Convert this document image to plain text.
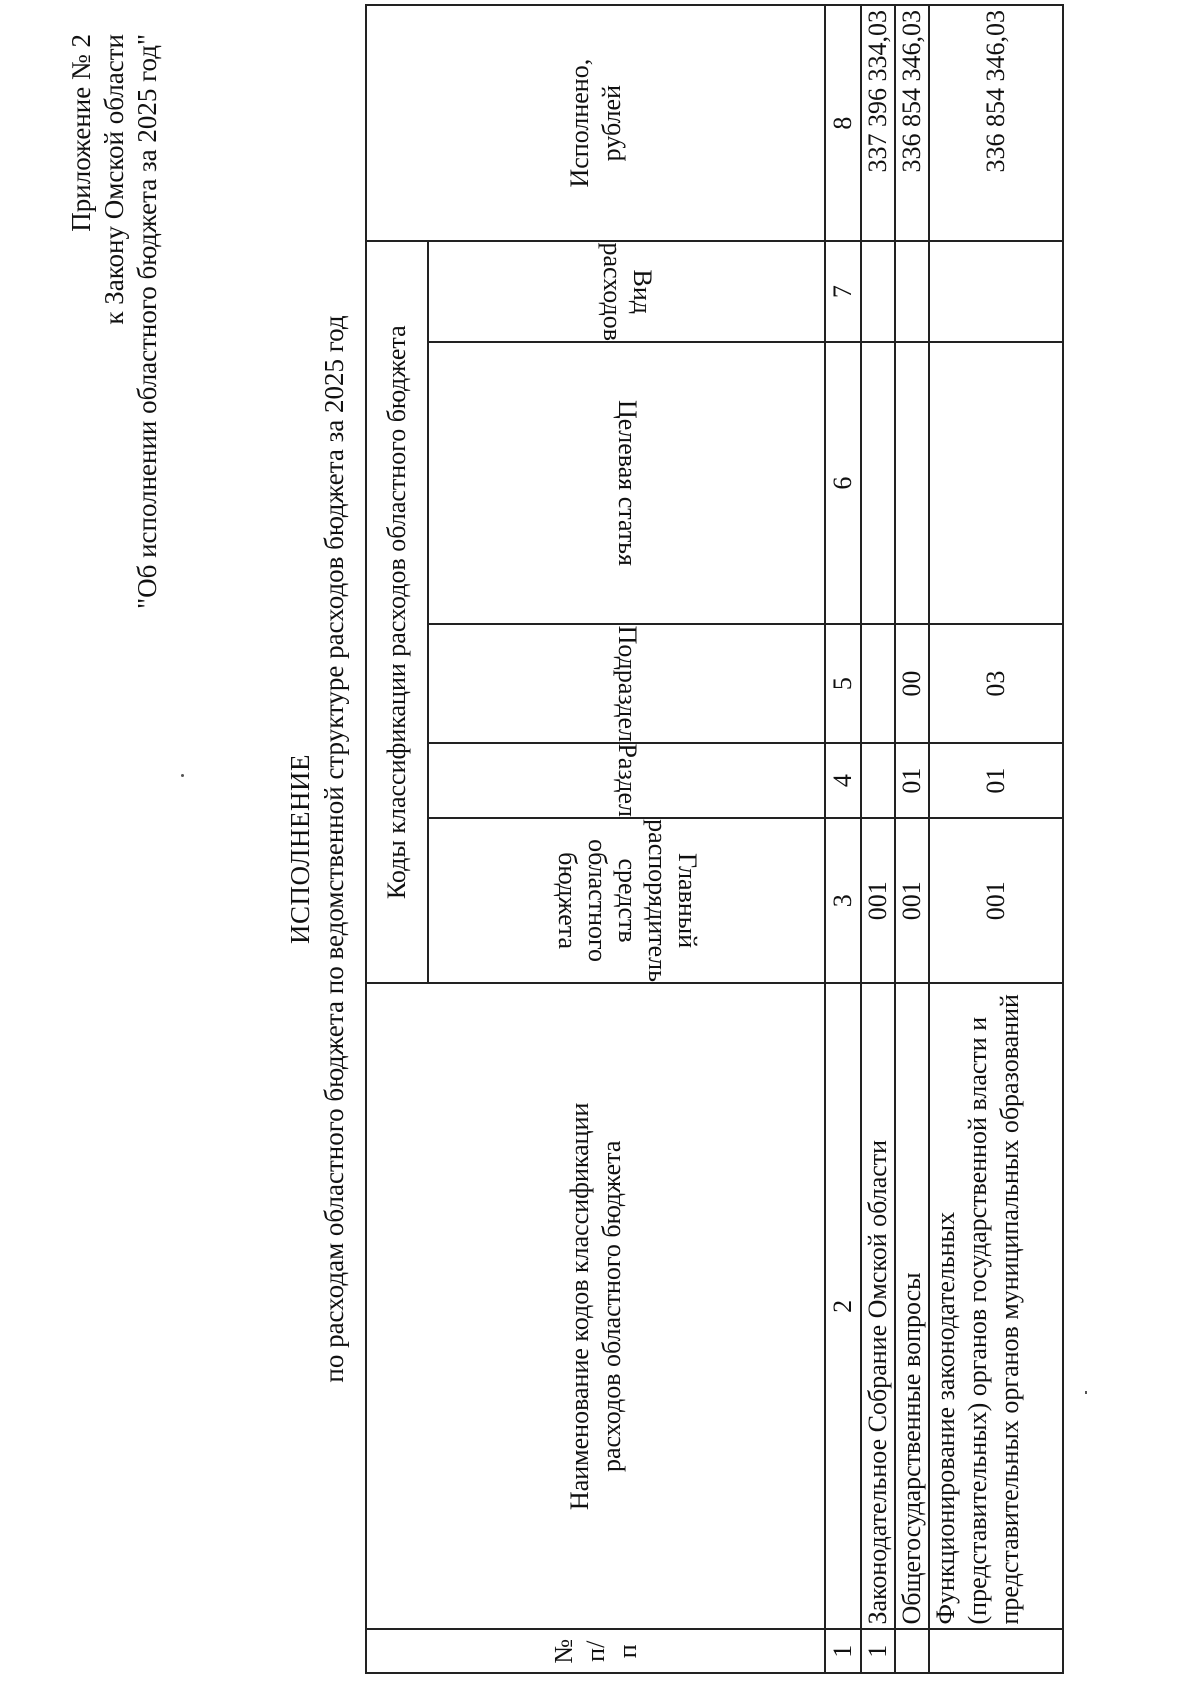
Приложение № 2 к Закону Омской области "Об исполнении областного бюджета за 2025 год"
ИСПОЛНЕНИЕ по расходам областного бюджета по ведомственной структуре расходов бюджета за 2025 год
№ п/п	Наименование кодов классификации расходов областного бюджета	Коды классификации расходов областного бюджета					Исполнено, рублей

		Главный распорядитель средств областного бюджета	Раздел	Подраздел	Целевая статья	Вид расходов	
1	2	3	4	5	6	7	8
1	Законодательное Собрание Омской области	001					337 396 334,03
	Общегосударственные вопросы	001	01	00			336 854 346,03
	Функционирование законодательных (представительных) органов государственной власти и представительных органов муниципальных образований	001	01	03			336 854 346,03
